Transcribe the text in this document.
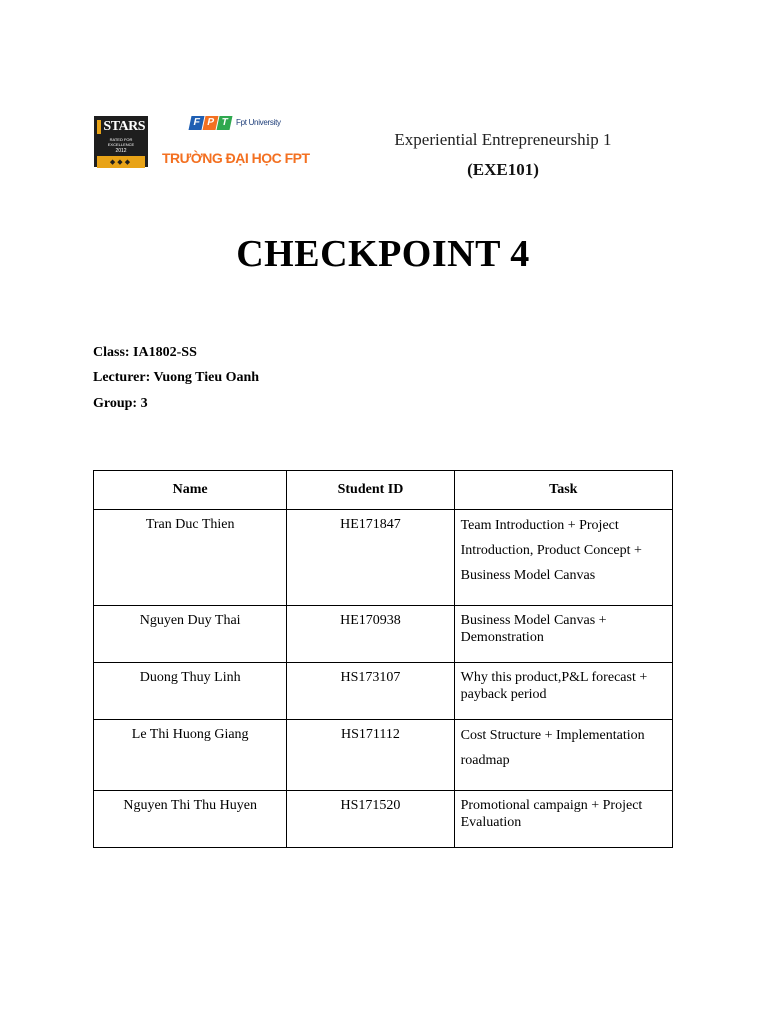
STARS
RATED FOR EXCELLENCE
2012
◆◆◆
F P T Fpt University
TRƯỜNG ĐẠI HỌC FPT
Experiential Entrepreneurship 1
(EXE101)
CHECKPOINT 4
Class: IA1802-SS
Lecturer: Vuong Tieu Oanh
Group: 3
Name	Student ID	Task
Tran Duc Thien	HE171847	Team Introduction + Project Introduction, Product Concept + Business Model Canvas
Nguyen Duy Thai	HE170938	Business Model Canvas + Demonstration
Duong Thuy Linh	HS173107	Why this product,P&L forecast + payback period
Le Thi Huong Giang	HS171112	Cost Structure + Implementation roadmap
Nguyen Thi Thu Huyen	HS171520	Promotional campaign + Project Evaluation
